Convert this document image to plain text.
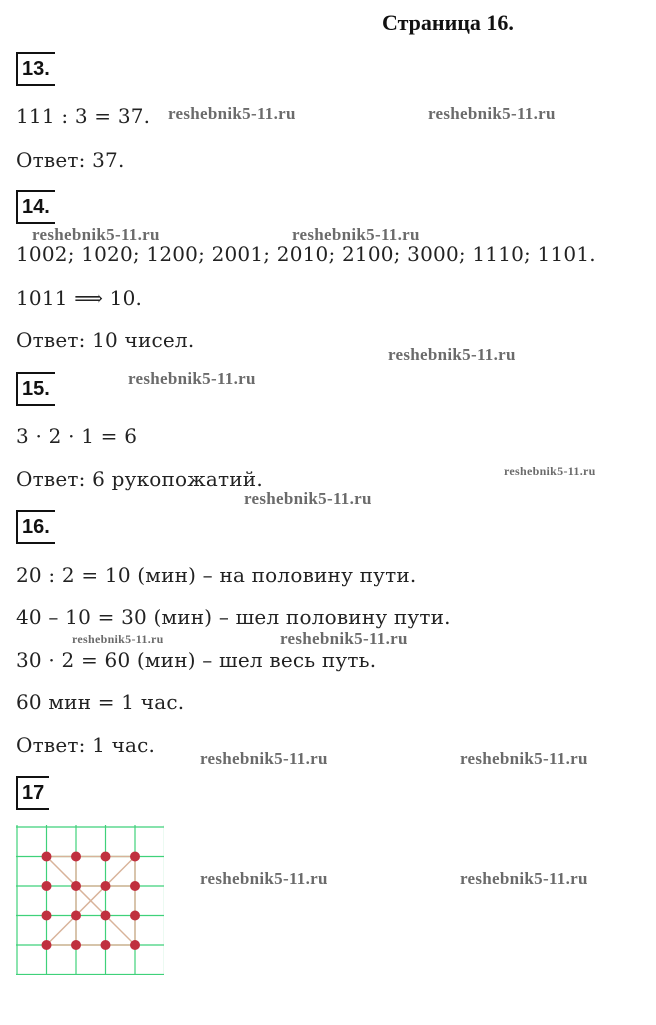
Страница 16.
13.
111 : 3 = 37.
Ответ: 37.
14.
1002; 1020; 1200; 2001; 2010; 2100; 3000; 1110; 1101.
1011 ⟹ 10.
Ответ: 10 чисел.
15.
3 · 2 · 1 = 6
Ответ: 6 рукопожатий.
16.
20 : 2 = 10 (мин) – на половину пути.
40 – 10 = 30 (мин) – шел половину пути.
30 · 2 = 60 (мин) – шел весь путь.
60 мин = 1 час.
Ответ: 1 час.
17
reshebnik5-11.ru	reshebnik5-11.ru
reshebnik5-11.ru	reshebnik5-11.ru
reshebnik5-11.ru
reshebnik5-11.ru
reshebnik5-11.ru
reshebnik5-11.ru
reshebnik5-11.ru	reshebnik5-11.ru
reshebnik5-11.ru	reshebnik5-11.ru
reshebnik5-11.ru	reshebnik5-11.ru
